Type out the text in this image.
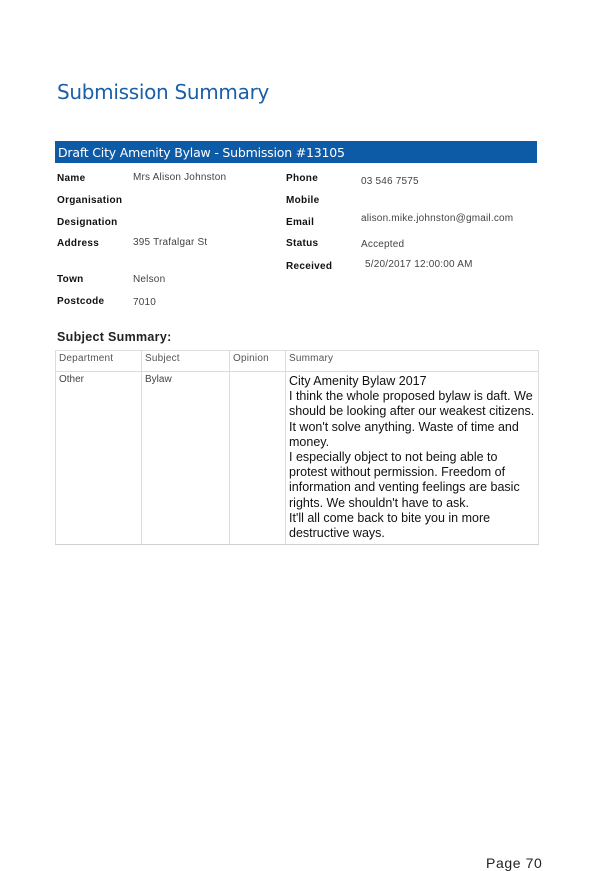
Submission Summary
Draft City Amenity Bylaw - Submission #13105
Name	Mrs Alison Johnston
Organisation
Designation
Address	395 Trafalgar St
Town	Nelson
Postcode	7010
Phone	03 546 7575
Mobile
Email	alison.mike.johnston@gmail.com
Status	Accepted
Received	5/20/2017 12:00:00 AM
Subject Summary:
Department	Subject	Opinion	Summary
Other	Bylaw		City Amenity Bylaw 2017
I think the whole proposed bylaw is daft. We should be looking after our weakest citizens. It won't solve anything. Waste of time and money.
I especially object to not being able to protest without permission. Freedom of information and venting feelings are basic rights. We shouldn't have to ask.
It'll all come back to bite you in more destructive ways.
Page 70
